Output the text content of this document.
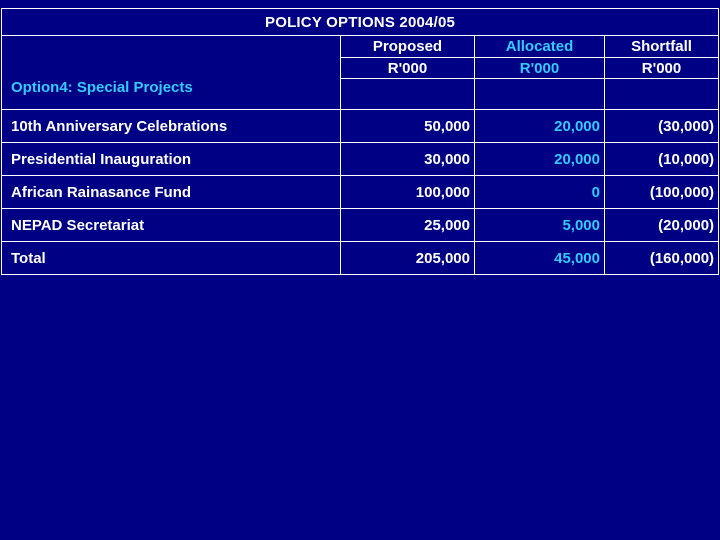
POLICY OPTIONS 2004/05			
	Proposed	Allocated	Shortfall
	R'000	R'000	R'000
Option4: Special Projects			
10th Anniversary Celebrations	50,000	20,000	(30,000)
Presidential Inauguration	30,000	20,000	(10,000)
African Rainasance Fund	100,000	0	(100,000)
NEPAD Secretariat	25,000	5,000	(20,000)
Total	205,000	45,000	(160,000)
